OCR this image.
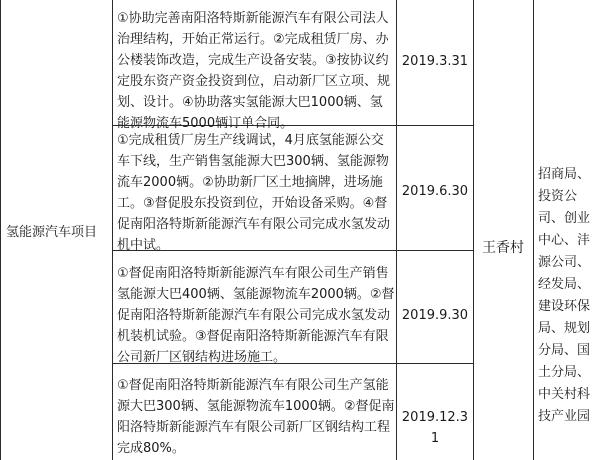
氢能源汽车项目
①协助完善南阳洛特斯新能源汽车有限公司法人治理结构，开始正常运行。②完成租赁厂房、办公楼装饰改造，完成生产设备安装。③按协议约定股东资产资金投资到位，启动新厂区立项、规划、设计。④协助落实氢能源大巴1000辆、氢能源物流车5000辆订单合同。
2019.3.31
①完成租赁厂房生产线调试，4月底氢能源公交车下线，生产销售氢能源大巴300辆、氢能源物流车2000辆。②协助新厂区土地摘牌，进场施工。③督促股东投资到位，开始设备采购。④督促南阳洛特斯新能源汽车有限公司完成水氢发动机中试。
2019.6.30
①督促南阳洛特斯新能源汽车有限公司生产销售氢能源大巴400辆、氢能源物流车2000辆。②督促南阳洛特斯新能源汽车有限公司完成水氢发动机装机试验。③督促南阳洛特斯新能源汽车有限公司新厂区钢结构进场施工。
2019.9.30
①督促南阳洛特斯新能源汽车有限公司生产氢能源大巴300辆、氢能源物流车1000辆。②督促南阳洛特斯新能源汽车有限公司新厂区钢结构工程完成80%。
2019.12.31
王香村
招商局、投资公司、创业中心、沣源公司、经发局、建设环保局、规划分局、国土分局、中关村科技产业园
